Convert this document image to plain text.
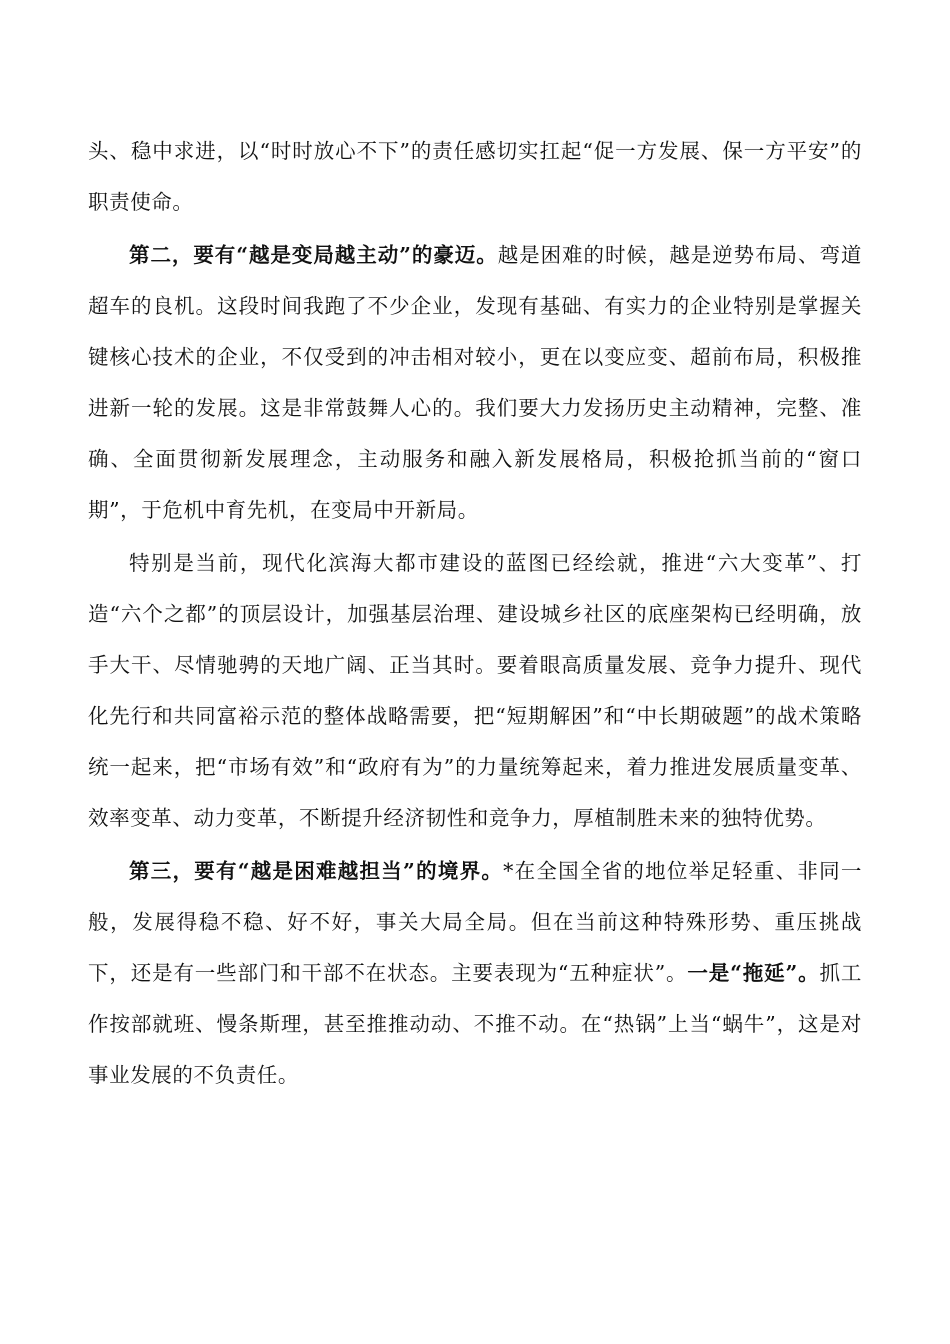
头、稳中求进，以“时时放心不下”的责任感切实扛起“促一方发展、保一方平安”的职责使命。

第二，要有“越是变局越主动”的豪迈。越是困难的时候，越是逆势布局、弯道超车的良机。这段时间我跑了不少企业，发现有基础、有实力的企业特别是掌握关键核心技术的企业，不仅受到的冲击相对较小，更在以变应变、超前布局，积极推进新一轮的发展。这是非常鼓舞人心的。我们要大力发扬历史主动精神，完整、准确、全面贯彻新发展理念，主动服务和融入新发展格局，积极抢抓当前的“窗口期”，于危机中育先机，在变局中开新局。

特别是当前，现代化滨海大都市建设的蓝图已经绘就，推进“六大变革”、打造“六个之都”的顶层设计，加强基层治理、建设城乡社区的底座架构已经明确，放手大干、尽情驰骋的天地广阔、正当其时。要着眼高质量发展、竞争力提升、现代化先行和共同富裕示范的整体战略需要，把“短期解困”和“中长期破题”的战术策略统一起来，把“市场有效”和“政府有为”的力量统筹起来，着力推进发展质量变革、效率变革、动力变革，不断提升经济韧性和竞争力，厚植制胜未来的独特优势。

第三，要有“越是困难越担当”的境界。*在全国全省的地位举足轻重、非同一般，发展得稳不稳、好不好，事关大局全局。但在当前这种特殊形势、重压挑战下，还是有一些部门和干部不在状态。主要表现为“五种症状”。一是“拖延”。抓工作按部就班、慢条斯理，甚至推推动动、不推不动。在“热锅”上当“蜗牛”，这是对事业发展的不负责任。
